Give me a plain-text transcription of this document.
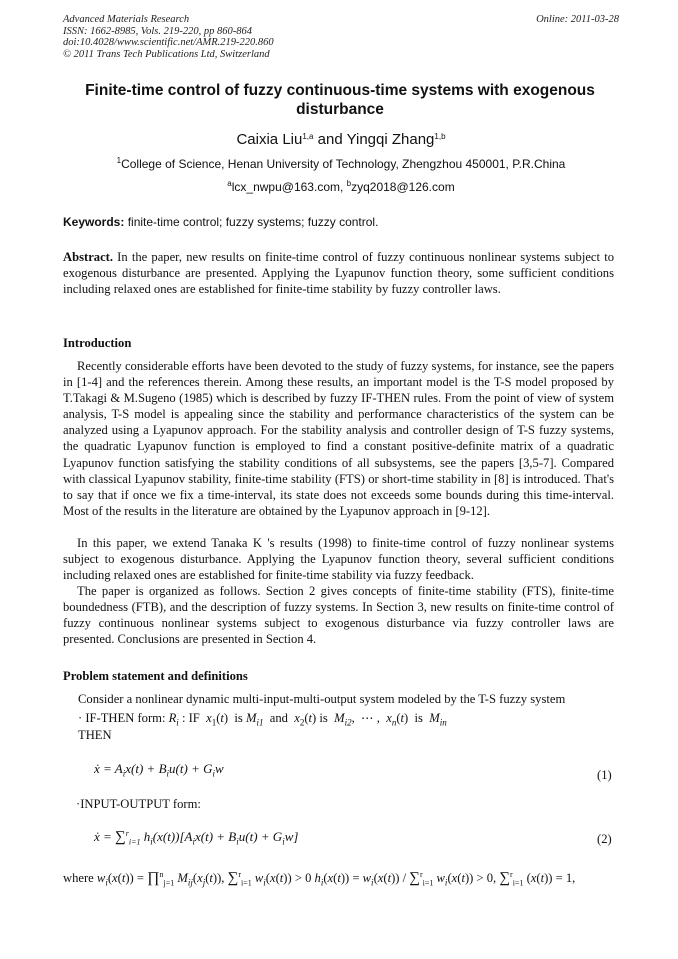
Advanced Materials Research
ISSN: 1662-8985, Vols. 219-220, pp 860-864
doi:10.4028/www.scientific.net/AMR.219-220.860
© 2011 Trans Tech Publications Ltd, Switzerland
Online: 2011-03-28
Finite-time control of fuzzy continuous-time systems with exogenous disturbance
Caixia Liu$^{1,a}$ and Yingqi Zhang$^{1,b}$
$^1$College of Science, Henan University of Technology, Zhengzhou 450001, P.R.China
$^a$lcx_nwpu@163.com, $^b$zyq2018@126.com
Keywords: finite-time control; fuzzy systems; fuzzy control.
Abstract. In the paper, new results on finite-time control of fuzzy continuous nonlinear systems subject to exogenous disturbance are presented. Applying the Lyapunov function theory, some sufficient conditions including relaxed ones are established for finite-time stability by fuzzy controller laws.
Introduction
Recently considerable efforts have been devoted to the study of fuzzy systems, for instance, see the papers in [1-4] and the references therein. Among these results, an important model is the T-S model proposed by T.Takagi & M.Sugeno (1985) which is described by fuzzy IF-THEN rules. From the point of view of system analysis, T-S model is appealing since the stability and performance characteristics of the system can be analyzed using a Lyapunov approach. For the stability analysis and controller design of T-S fuzzy systems, the quadratic Lyapunov function is employed to find a constant positive-definite matrix of a quadratic Lyapunov function satisfying the stability conditions of all subsystems, see the papers [3,5-7]. Compared with classical Lyapunov stability, finite-time stability (FTS) or short-time stability in [8] is introduced. That's to say that if once we fix a time-interval, its state does not exceeds some bounds during this time-interval. Most of the results in the literature are obtained by the Lyapunov approach in [9-12].
In this paper, we extend Tanaka K 's results (1998) to finite-time control of fuzzy nonlinear systems subject to exogenous disturbance. Applying the Lyapunov function theory, several sufficient conditions including relaxed ones are established for finite-time stability via fuzzy feedback.
The paper is organized as follows. Section 2 gives concepts of finite-time stability (FTS), finite-time boundedness (FTB), and the description of fuzzy systems. In Section 3, new results on finite-time control of fuzzy continuous nonlinear systems subject to exogenous disturbance via fuzzy controller laws are presented. Conclusions are presented in Section 4.
Problem statement and definitions
Consider a nonlinear dynamic multi-input-multi-output system modeled by the T-S fuzzy system
· IF-THEN form: $R_i$ : IF  $x_1(t)$  is $M_{i1}$  and  $x_2(t)$ is  $M_{i2}$,  ⋯ ,  $x_n(t)$  is  $M_{in}$
THEN
ẋ = $A_ix(t) + B_iu(t) + G_iw$	(1)
·INPUT-OUTPUT form:
ẋ = ∑$^r_{i=1}$ $h_i(x(t))[A_ix(t) + B_iu(t) + G_iw]$	(2)
where $w_i(x(t))$ = ∏$^n_{j=1}$ $M_{ij}(x_j(t))$, ∑$^r_{i=1}$ $w_i(x(t)) > 0$ $h_i(x(t)) = w_i(x(t)) / \sum^r_{i=1}$ $w_i(x(t)) > 0$, ∑$^r_{i=1}$ (x(t)) = 1,
